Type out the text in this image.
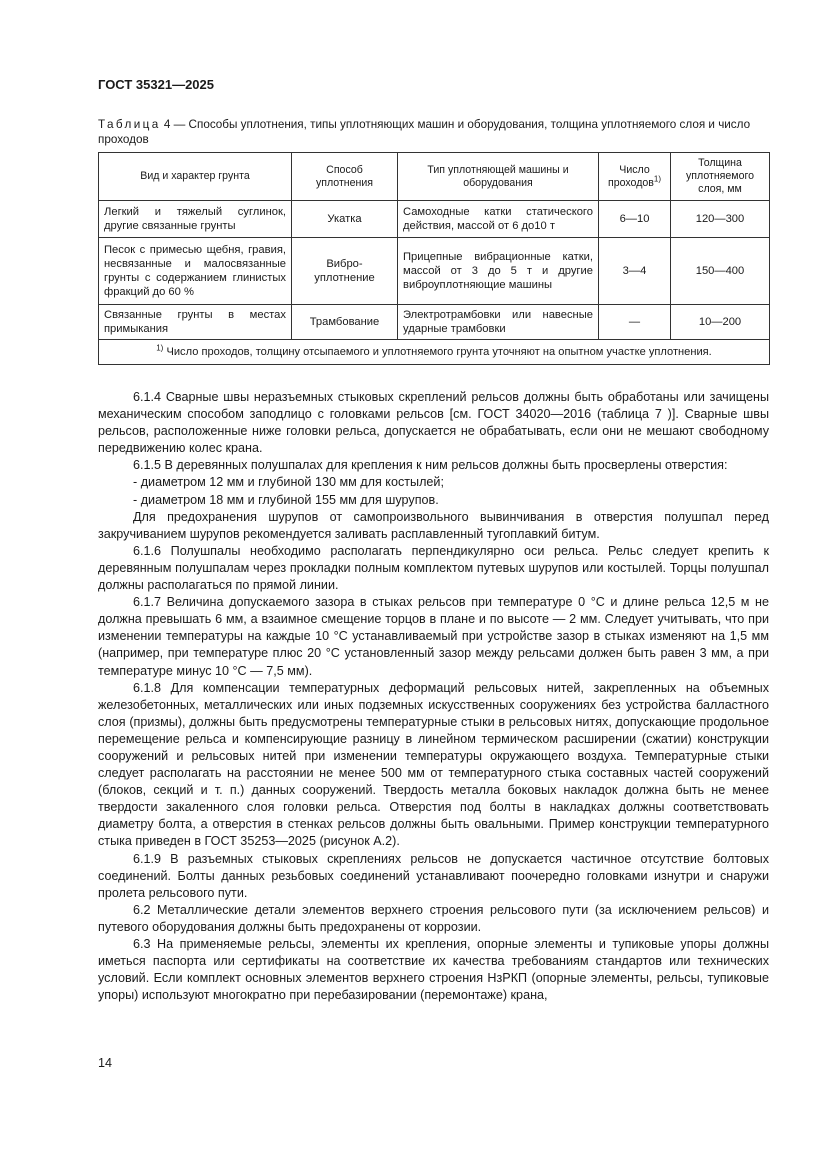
ГОСТ 35321—2025
Таблица 4 — Способы уплотнения, типы уплотняющих машин и оборудования, толщина уплотняемого слоя и число проходов
Вид и характер грунта	Способ уплотнения	Тип уплотняющей машины и оборудования	Число проходов$^{1)}$	Толщина уплотняемого слоя, мм
Легкий и тяжелый суглинок, другие связанные грунты	Укатка	Самоходные катки статического действия, массой от 6 до10 т	6—10	120—300
Песок с примесью щебня, гравия, несвязанные и малосвязанные грунты с содержанием глинистых фракций до 60 %	Вибро-уплотнение	Прицепные вибрационные катки, массой от 3 до 5 т и другие виброуплотняющие машины	3—4	150—400
Связанные грунты в местах примыкания	Трамбование	Электротрамбовки или навесные ударные трамбовки	—	10—200
$^{1)}$ Число проходов, толщину отсыпаемого и уплотняемого грунта уточняют на опытном участке уплотнения.				

6.1.4 Сварные швы неразъемных стыковых скреплений рельсов должны быть обработаны или зачищены механическим способом заподлицо с головками рельсов [см. ГОСТ 34020—2016 (таблица 7 )]. Сварные швы рельсов, расположенные ниже головки рельса, допускается не обрабатывать, если они не мешают свободному передвижению колес крана.

6.1.5 В деревянных полушпалах для крепления к ним рельсов должны быть просверлены отверстия:

- диаметром 12 мм и глубиной 130 мм для костылей;

- диаметром 18 мм и глубиной 155 мм для шурупов.

Для предохранения шурупов от самопроизвольного вывинчивания в отверстия полушпал перед закручиванием шурупов рекомендуется заливать расплавленный тугоплавкий битум.

6.1.6 Полушпалы необходимо располагать перпендикулярно оси рельса. Рельс следует крепить к деревянным полушпалам через прокладки полным комплектом путевых шурупов или костылей. Торцы полушпал должны располагаться по прямой линии.

6.1.7 Величина допускаемого зазора в стыках рельсов при температуре 0 °С и длине рельса 12,5 м не должна превышать 6 мм, а взаимное смещение торцов в плане и по высоте — 2 мм. Следует учитывать, что при изменении температуры на каждые 10 °С устанавливаемый при устройстве зазор в стыках изменяют на 1,5 мм (например, при температуре плюс 20 °С установленный зазор между рельсами должен быть равен 3 мм, а при температуре минус 10 °С — 7,5 мм).

6.1.8 Для компенсации температурных деформаций рельсовых нитей, закрепленных на объемных железобетонных, металлических или иных подземных искусственных сооружениях без устройства балластного слоя (призмы), должны быть предусмотрены температурные стыки в рельсовых нитях, допускающие продольное перемещение рельса и компенсирующие разницу в линейном термическом расширении (сжатии) конструкции сооружений и рельсовых нитей при изменении температуры окружающего воздуха. Температурные стыки следует располагать на расстоянии не менее 500 мм от температурного стыка составных частей сооружений (блоков, секций и т. п.) данных сооружений. Твердость металла боковых накладок должна быть не менее твердости закаленного слоя головки рельса. Отверстия под болты в накладках должны соответствовать диаметру болта, а отверстия в стенках рельсов должны быть овальными. Пример конструкции температурного стыка приведен в ГОСТ 35253—2025 (рисунок А.2).

6.1.9 В разъемных стыковых скреплениях рельсов не допускается частичное отсутствие болтовых соединений. Болты данных резьбовых соединений устанавливают поочередно головками изнутри и снаружи пролета рельсового пути.

6.2 Металлические детали элементов верхнего строения рельсового пути (за исключением рельсов) и путевого оборудования должны быть предохранены от коррозии.

6.3 На применяемые рельсы, элементы их крепления, опорные элементы и тупиковые упоры должны иметься паспорта или сертификаты на соответствие их качества требованиям стандартов или технических условий. Если комплект основных элементов верхнего строения НзРКП (опорные элементы, рельсы, тупиковые упоры) используют многократно при перебазировании (перемонтаже) крана,

14
